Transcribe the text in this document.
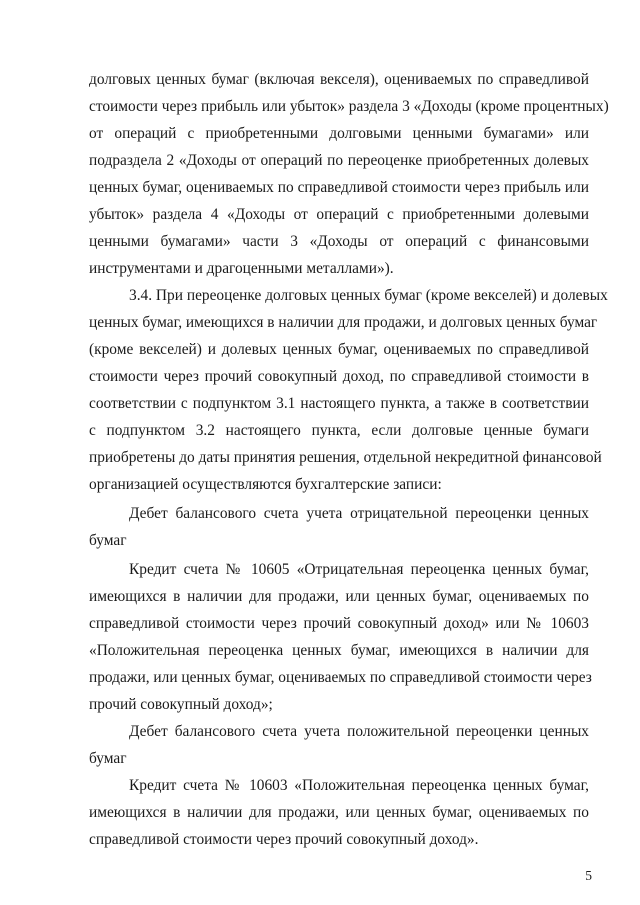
долговых ценных бумаг (включая векселя), оцениваемых по справедливой
стоимости через прибыль или убыток» раздела 3 «Доходы (кроме процентных)
от операций с приобретенными долговыми ценными бумагами» или
подраздела 2 «Доходы от операций по переоценке приобретенных долевых
ценных бумаг, оцениваемых по справедливой стоимости через прибыль или
убыток» раздела 4 «Доходы от операций с приобретенными долевыми
ценными бумагами» части 3 «Доходы от операций с финансовыми
инструментами и драгоценными металлами»).
3.4. При переоценке долговых ценных бумаг (кроме векселей) и долевых
ценных бумаг, имеющихся в наличии для продажи, и долговых ценных бумаг
(кроме векселей) и долевых ценных бумаг, оцениваемых по справедливой
стоимости через прочий совокупный доход, по справедливой стоимости в
соответствии с подпунктом 3.1 настоящего пункта, а также в соответствии
с подпунктом 3.2 настоящего пункта, если долговые ценные бумаги
приобретены до даты принятия решения, отдельной некредитной финансовой
организацией осуществляются бухгалтерские записи:
Дебет балансового счета учета отрицательной переоценки ценных
бумаг
Кредит счета № 10605 «Отрицательная переоценка ценных бумаг,
имеющихся в наличии для продажи, или ценных бумаг, оцениваемых по
справедливой стоимости через прочий совокупный доход» или № 10603
«Положительная переоценка ценных бумаг, имеющихся в наличии для
продажи, или ценных бумаг, оцениваемых по справедливой стоимости через
прочий совокупный доход»;
Дебет балансового счета учета положительной переоценки ценных
бумаг
Кредит счета № 10603 «Положительная переоценка ценных бумаг,
имеющихся в наличии для продажи, или ценных бумаг, оцениваемых по
справедливой стоимости через прочий совокупный доход».
5
